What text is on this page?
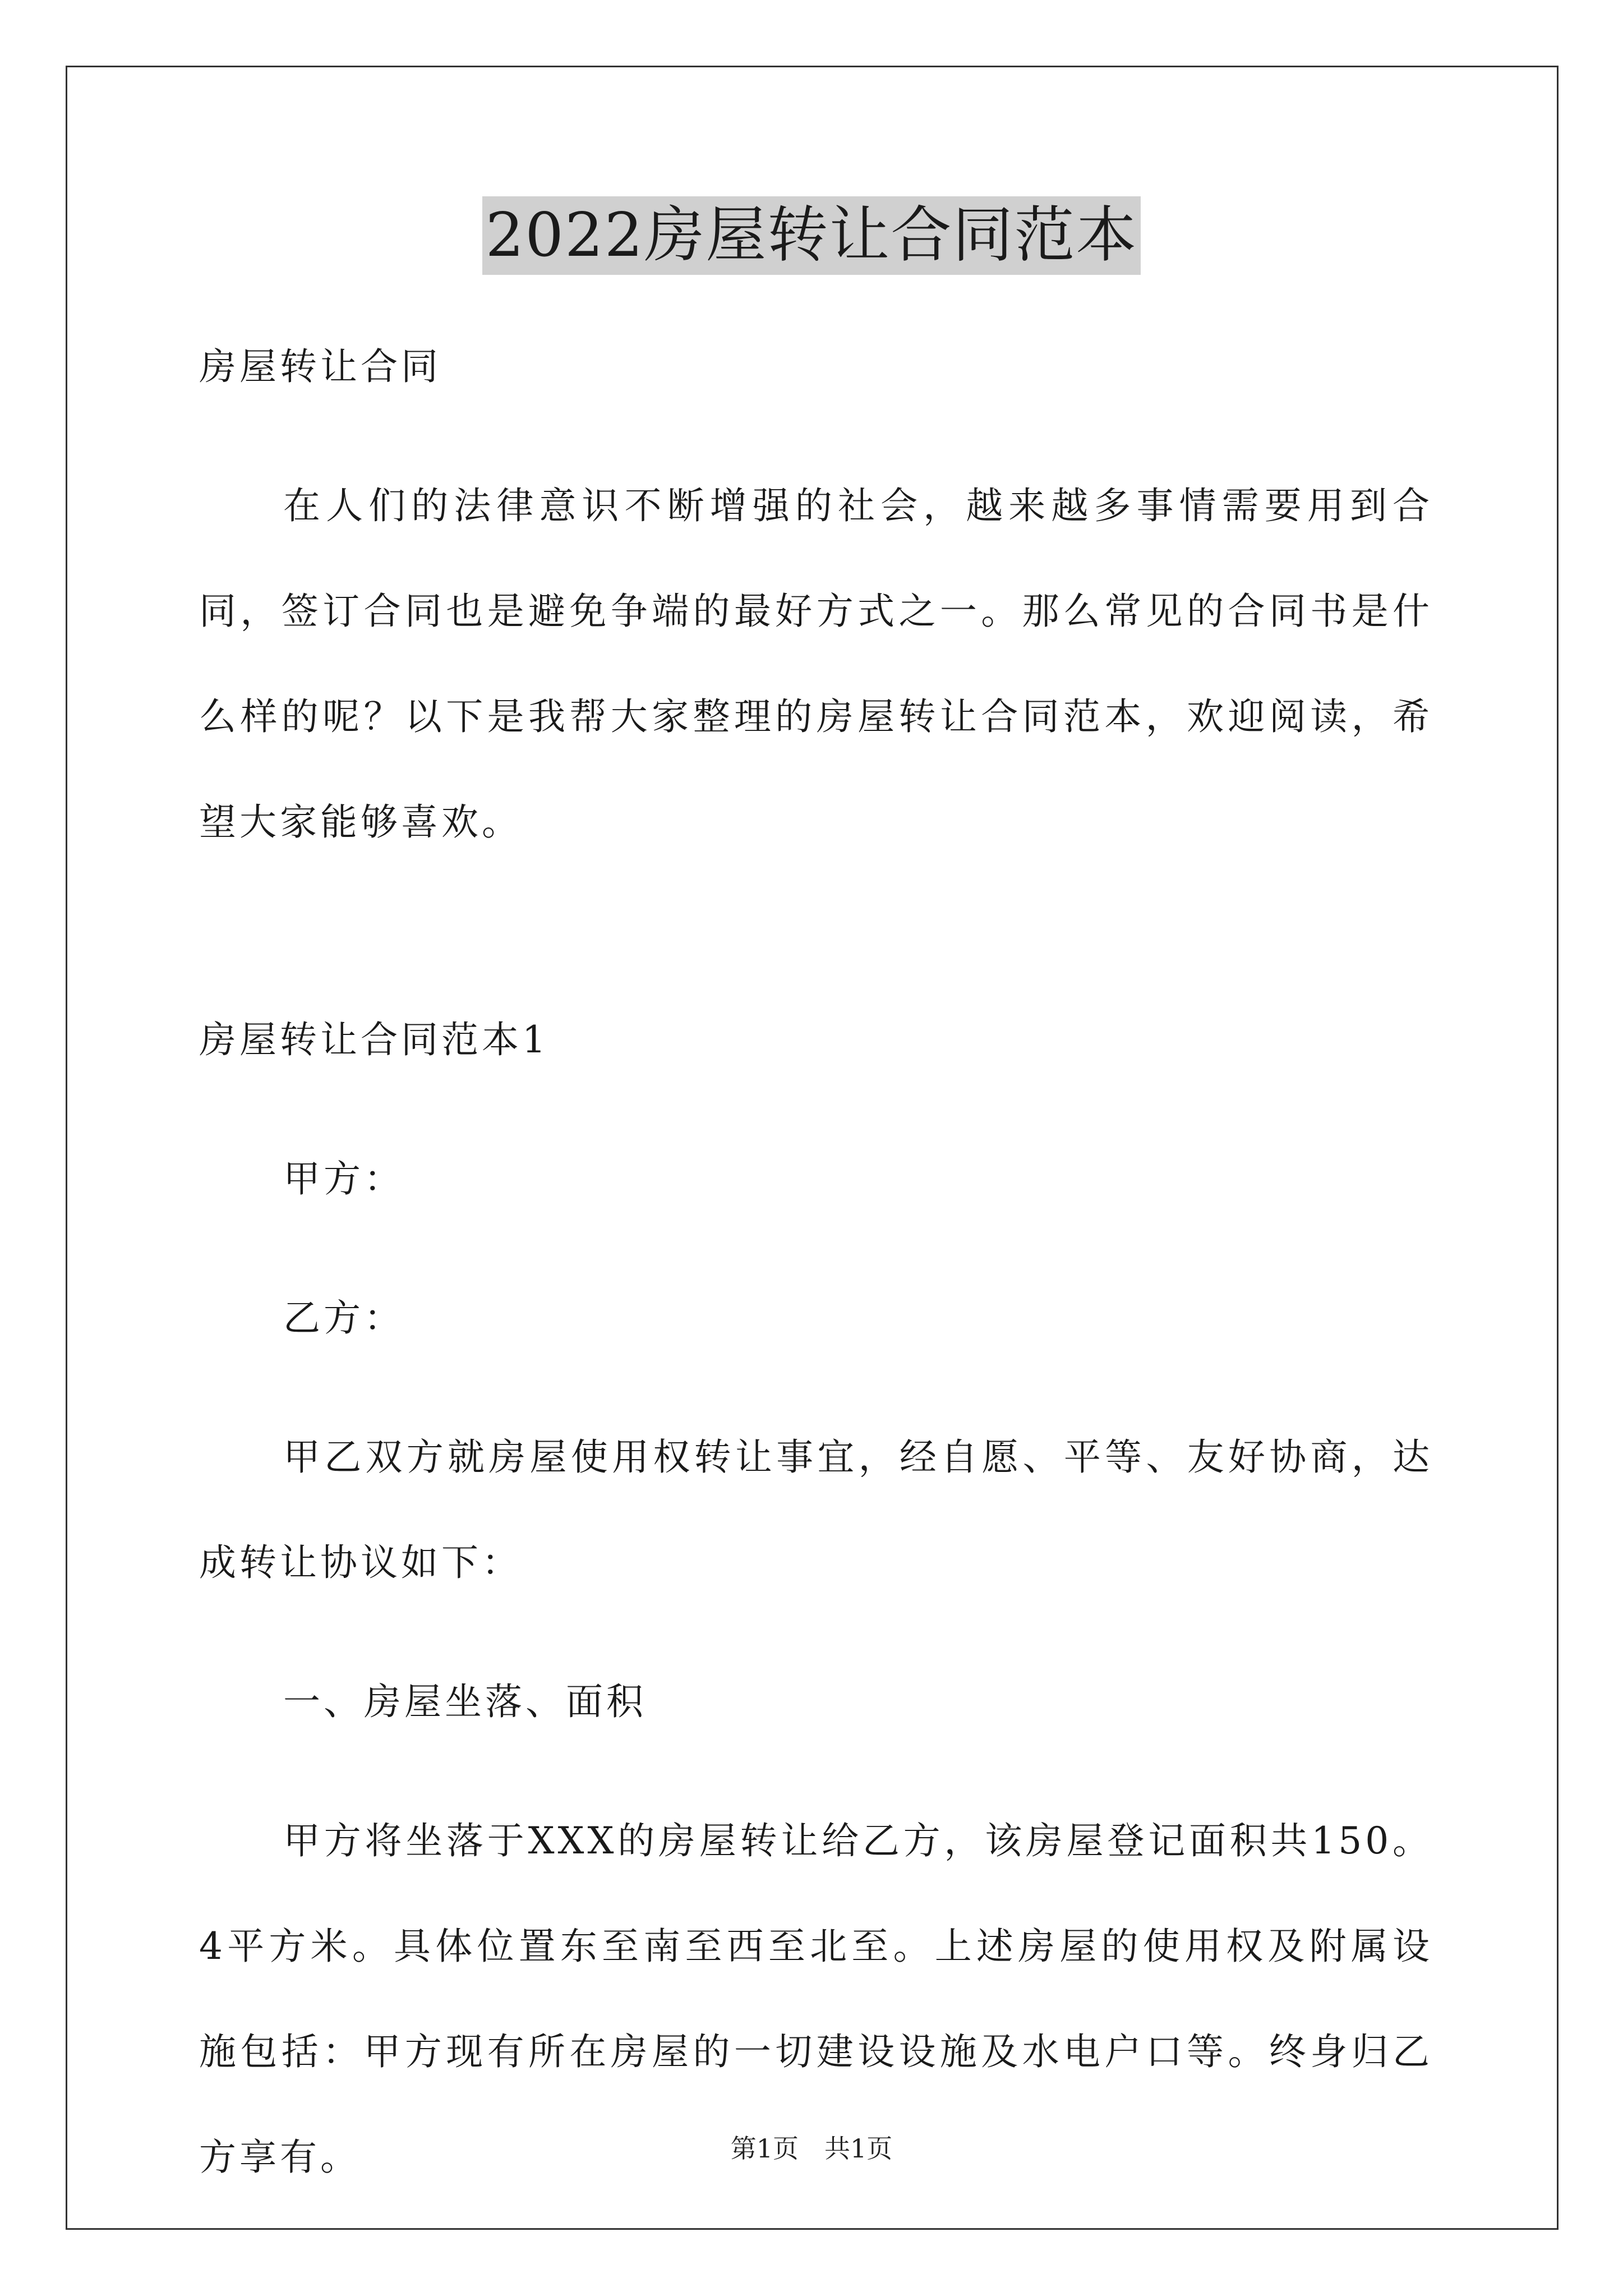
2022房屋转让合同范本

房屋转让合同

在人们的法律意识不断增强的社会，越来越多事情需要用到合同，签订合同也是避免争端的最好方式之一。那么常见的合同书是什么样的呢？以下是我帮大家整理的房屋转让合同范本，欢迎阅读，希望大家能够喜欢。

房屋转让合同范本1

甲方：

乙方：

甲乙双方就房屋使用权转让事宜，经自愿、平等、友好协商，达成转让协议如下：

一、房屋坐落、面积

甲方将坐落于XXX的房屋转让给乙方，该房屋登记面积共150。4平方米。具体位置东至南至西至北至。上述房屋的使用权及附属设施包括：甲方现有所在房屋的一切建设设施及水电户口等。终身归乙方享有。	第1页　共1页
